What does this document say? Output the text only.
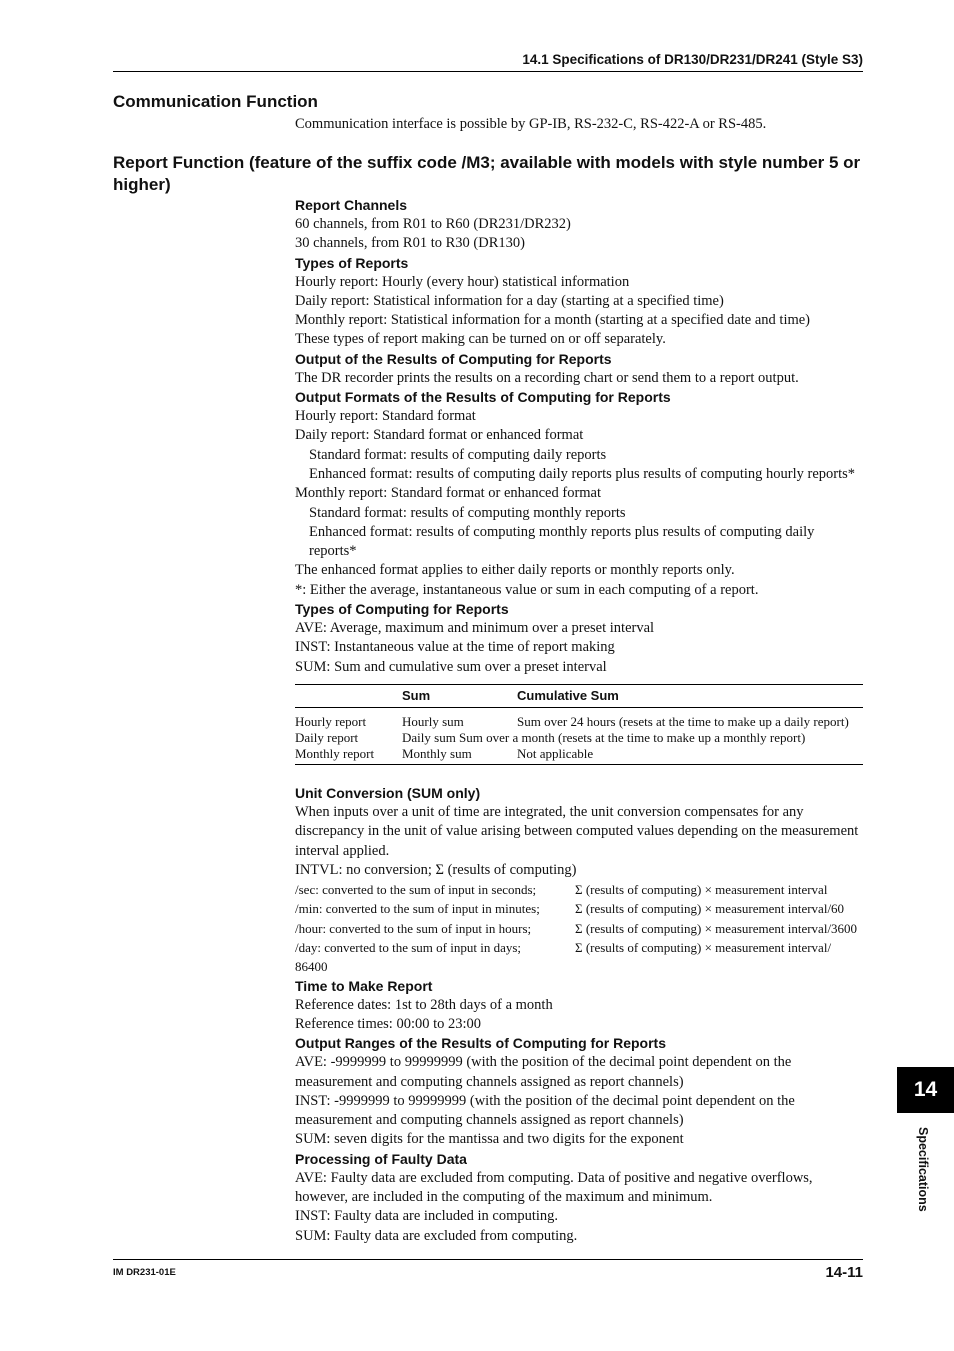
14.1 Specifications of DR130/DR231/DR241 (Style S3)
Communication Function
Communication interface is possible by GP-IB, RS-232-C, RS-422-A or RS-485.
Report Function (feature of the suffix code /M3; available with models with style number 5 or higher)
Report Channels
60 channels, from R01 to R60 (DR231/DR232)
30 channels, from R01 to R30 (DR130)
Types of Reports
Hourly report: Hourly (every hour) statistical information
Daily report: Statistical information for a day (starting at a specified time)
Monthly report: Statistical information for a month (starting at a specified date and time)
These types of report making can be turned on or off separately.
Output of the Results of Computing for Reports
The DR recorder prints the results on a recording chart or send them to a report output.
Output Formats of the Results of Computing for Reports
Hourly report: Standard format
Daily report: Standard format or enhanced format
Standard format: results of computing daily reports
Enhanced format: results of computing daily reports plus results of computing hourly reports*
Monthly report: Standard format or enhanced format
Standard format: results of computing monthly reports
Enhanced format: results of computing monthly reports plus results of computing daily reports*
The enhanced format applies to either daily reports or monthly reports only.
*: Either the average, instantaneous value or sum in each computing of a report.
Types of Computing for Reports
AVE: Average, maximum and minimum over a preset interval
INST: Instantaneous value at the time of report making
SUM: Sum and cumulative sum over a preset interval
	Sum	Cumulative Sum
Hourly report	Hourly sum	Sum over 24 hours (resets at the time to make up a daily report)
Daily report	Daily sum Sum over a month (resets at the time to make up a monthly report)	
Monthly report	Monthly sum	Not applicable
Unit Conversion (SUM only)
When inputs over a unit of time are integrated, the unit conversion compensates for any discrepancy in the unit of value arising between computed values depending on the measurement interval applied.
INTVL: no conversion; Σ (results of computing)
/sec: converted to the sum of input in seconds;	Σ (results of computing) × measurement interval
/min: converted to the sum of input in minutes;	Σ (results of computing) × measurement interval/60
/hour: converted to the sum of input in hours;	Σ (results of computing) × measurement interval/3600
/day: converted to the sum of input in days;	Σ (results of computing) × measurement interval/
86400
Time to Make Report
Reference dates: 1st to 28th days of a month
Reference times: 00:00 to 23:00
Output Ranges of the Results of Computing for Reports
AVE: -9999999 to 99999999 (with the position of the decimal point dependent on the measurement and computing channels assigned as report channels)
INST: -9999999 to 99999999 (with the position of the decimal point dependent on the measurement and computing channels assigned as report channels)
SUM: seven digits for the mantissa and two digits for the exponent
Processing of Faulty Data
AVE: Faulty data are excluded from computing. Data of positive and negative overflows, however, are included in the computing of the maximum and minimum.
INST: Faulty data are included in computing.
SUM: Faulty data are excluded from computing.
14
Specifications
IM DR231-01E	14-11
